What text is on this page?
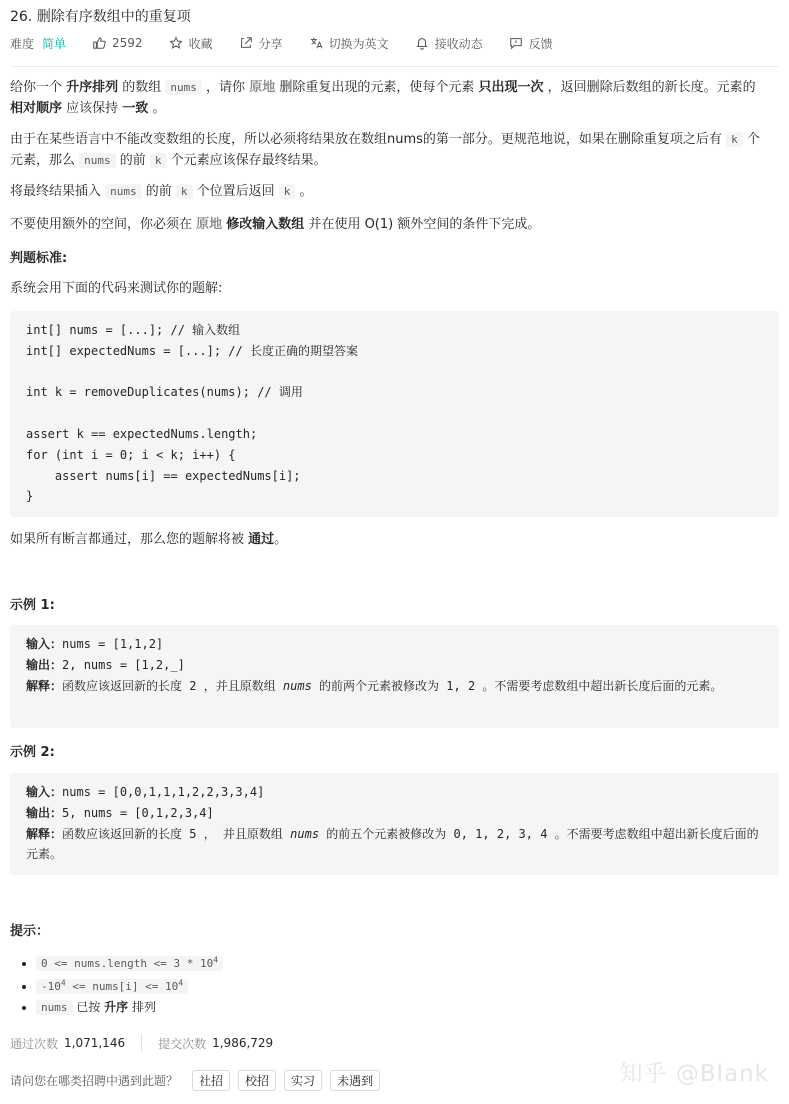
26. 删除有序数组中的重复项
难度 简单	2592	收藏	分享	切换为英文	接收动态	反馈
给你一个 升序排列 的数组 nums ，请你 原地 删除重复出现的元素，使每个元素 只出现一次 ，返回删除后数组的新长度。元素的 相对顺序 应该保持 一致 。
由于在某些语言中不能改变数组的长度，所以必须将结果放在数组nums的第一部分。更规范地说，如果在删除重复项之后有 k 个元素，那么 nums 的前 k 个元素应该保存最终结果。
将最终结果插入 nums 的前 k 个位置后返回 k 。
不要使用额外的空间，你必须在 原地 修改输入数组 并在使用 O(1) 额外空间的条件下完成。
判题标准:
系统会用下面的代码来测试你的题解:
int[] nums = [...]; // 输入数组
int[] expectedNums = [...]; // 长度正确的期望答案

int k = removeDuplicates(nums); // 调用

assert k == expectedNums.length;
for (int i = 0; i < k; i++) {
assert nums[i] == expectedNums[i];
}
如果所有断言都通过，那么您的题解将被 通过。
示例 1:
输入：nums = [1,1,2]
输出：2, nums = [1,2,_]
解释：函数应该返回新的长度 2 ，并且原数组 nums 的前两个元素被修改为 1, 2 。不需要考虑数组中超出新长度后面的元素。
示例 2:
输入：nums = [0,0,1,1,1,2,2,3,3,4]
输出：5, nums = [0,1,2,3,4]
解释：函数应该返回新的长度 5 ， 并且原数组 nums 的前五个元素被修改为 0, 1, 2, 3, 4 。不需要考虑数组中超出新长度后面的元素。
提示：
• 0 <= nums.length <= $3 * 10^4$
• $-10^4$ <= nums[i] <= $10^4$
• nums 已按 升序 排列
通过次数 1,071,146	提交次数 1,986,729
请问您在哪类招聘中遇到此题？	社招	校招	实习	未遇到	知乎 @Blank
